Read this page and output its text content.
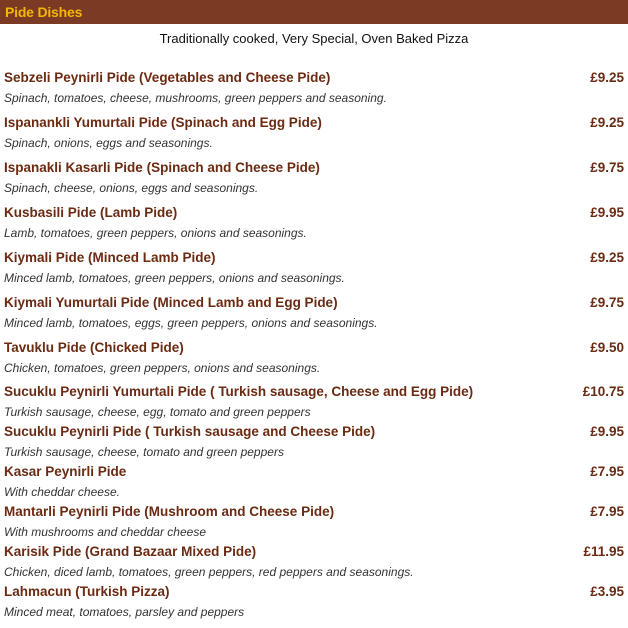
Pide Dishes
Traditionally cooked, Very Special, Oven Baked Pizza
Sebzeli Peynirli Pide (Vegetables and Cheese Pide)	£9.25
Spinach, tomatoes, cheese, mushrooms, green peppers and seasoning.
Ispanankli Yumurtali Pide (Spinach and Egg Pide)	£9.25
Spinach, onions, eggs and seasonings.
Ispanakli Kasarli Pide (Spinach and Cheese Pide)	£9.75
Spinach, cheese, onions, eggs and seasonings.
Kusbasili Pide (Lamb Pide)	£9.95
Lamb, tomatoes, green peppers, onions and seasonings.
Kiymali Pide (Minced Lamb Pide)	£9.25
Minced lamb, tomatoes, green peppers, onions and seasonings.
Kiymali Yumurtali Pide (Minced Lamb and Egg Pide)	£9.75
Minced lamb, tomatoes, eggs, green peppers, onions and seasonings.
Tavuklu Pide (Chicked Pide)	£9.50
Chicken, tomatoes, green peppers, onions and seasonings.
Sucuklu Peynirli Yumurtali Pide ( Turkish sausage, Cheese and Egg Pide)	£10.75
Turkish sausage, cheese, egg, tomato and green peppers
Sucuklu Peynirli Pide ( Turkish sausage and Cheese Pide)	£9.95
Turkish sausage, cheese, tomato and green peppers
Kasar Peynirli Pide	£7.95
With cheddar cheese.
Mantarli Peynirli Pide (Mushroom and Cheese Pide)	£7.95
With mushrooms and cheddar cheese
Karisik Pide (Grand Bazaar Mixed Pide)	£11.95
Chicken, diced lamb, tomatoes, green peppers, red peppers and seasonings.
Lahmacun (Turkish Pizza)	£3.95
Minced meat, tomatoes, parsley and peppers
